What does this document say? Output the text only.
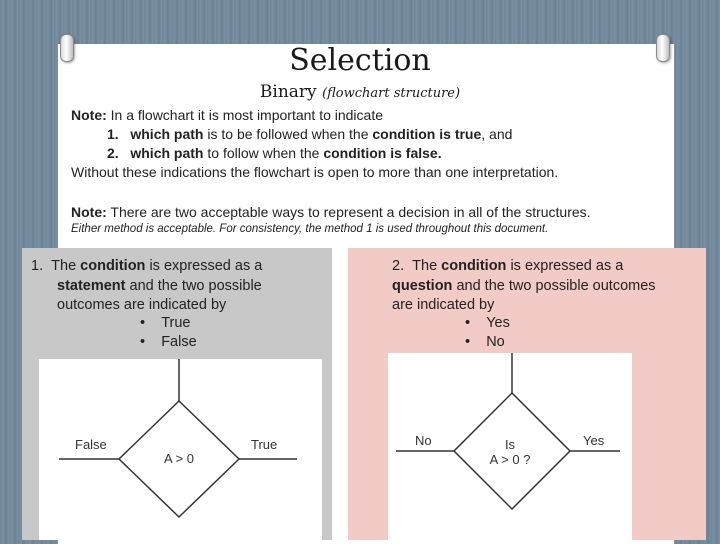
Selection
Binary (flowchart structure)
Note: In a flowchart it is most important to indicate
1. which path is to be followed when the condition is true, and
2. which path to follow when the condition is false.
Without these indications the flowchart is open to more than one interpretation.
Note: There are two acceptable ways to represent a decision in all of the structures.
Either method is acceptable. For consistency, the method 1 is used throughout this document.
1. The condition is expressed as a
statement and the two possible
outcomes are indicated by
•    True
•    False
False	True
A > 0
2. The condition is expressed as a
question and the two possible outcomes
are indicated by
•    Yes
•    No
No	Yes
Is
A > 0 ?
